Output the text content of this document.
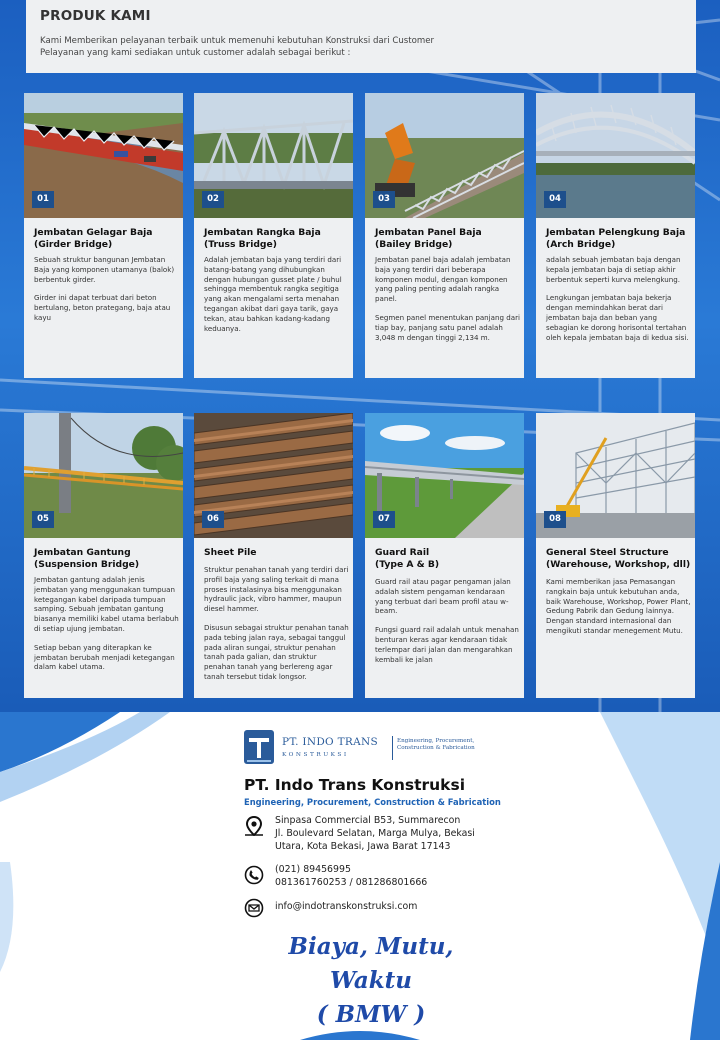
PRODUK KAMI
Kami Memberikan pelayanan terbaik untuk memenuhi kebutuhan Konstruksi dari Customer
Pelayanan yang kami sediakan untuk customer adalah sebagai berikut :
01
Jembatan Gelagar Baja
(Girder Bridge)

Sebuah struktur bangunan Jembatan Baja yang komponen utamanya (balok) berbentuk girder.

Girder ini dapat terbuat dari beton bertulang, beton prategang, baja atau kayu

02
Jembatan Rangka Baja
(Truss Bridge)

Adalah jembatan baja yang terdiri dari batang-batang yang dihubungkan dengan hubungan gusset plate / buhul sehingga membentuk rangka segitiga yang akan mengalami serta menahan tegangan akibat dari gaya tarik, gaya tekan, atau bahkan kadang-kadang keduanya.

03
Jembatan Panel Baja
(Bailey Bridge)

Jembatan panel baja adalah jembatan baja yang terdiri dari beberapa komponen modul, dengan komponen yang paling penting adalah rangka panel.

Segmen panel menentukan panjang dari tiap bay, panjang satu panel adalah 3,048 m dengan tinggi 2,134 m.

04
Jembatan Pelengkung Baja
(Arch Bridge)

adalah sebuah jembatan baja dengan kepala jembatan baja di setiap akhir berbentuk seperti kurva melengkung.

Lengkungan jembatan baja bekerja dengan memindahkan berat dari jembatan baja dan beban yang sebagian ke dorong horisontal tertahan oleh kepala jembatan baja di kedua sisi.

05
Jembatan Gantung
(Suspension Bridge)

Jembatan gantung adalah jenis jembatan yang menggunakan tumpuan ketegangan kabel daripada tumpuan samping. Sebuah jembatan gantung biasanya memiliki kabel utama berlabuh di setiap ujung jembatan.

Setiap beban yang diterapkan ke jembatan berubah menjadi ketegangan dalam kabel utama.

06
Sheet Pile

Struktur penahan tanah yang terdiri dari profil baja yang saling terkait di mana proses instalasinya bisa menggunakan hydraulic jack, vibro hammer, maupun diesel hammer.

Disusun sebagai struktur penahan tanah pada tebing jalan raya, sebagai tanggul pada aliran sungai, struktur penahan tanah pada galian, dan struktur penahan tanah yang berlereng agar tanah tersebut tidak longsor.

07
Guard Rail
(Type A & B)

Guard rail atau pagar pengaman jalan adalah sistem pengaman kendaraan yang terbuat dari beam profil atau w-beam.

Fungsi guard rail adalah untuk menahan benturan keras agar kendaraan tidak terlempar dari jalan dan mengarahkan kembali ke jalan

08
General Steel Structure
(Warehouse, Workshop, dll)

Kami memberikan jasa Pemasangan rangkain baja untuk kebutuhan anda, baik Warehouse, Workshop, Power Plant, Gedung Pabrik dan Gedung lainnya. Dengan standard internasional dan mengikuti standar menegement Mutu.

PT. INDO TRANS
KONSTRUKSI
Engineering, Procurement,
Construction & Fabrication
PT. Indo Trans Konstruksi
Engineering, Procurement, Construction & Fabrication
Sinpasa Commercial B53, Summarecon
Jl. Boulevard Selatan, Marga Mulya, Bekasi
Utara, Kota Bekasi, Jawa Barat 17143
(021) 89456995
081361760253 / 081286801666
info@indotranskonstruksi.com
Biaya, Mutu, Waktu
( BMW )
